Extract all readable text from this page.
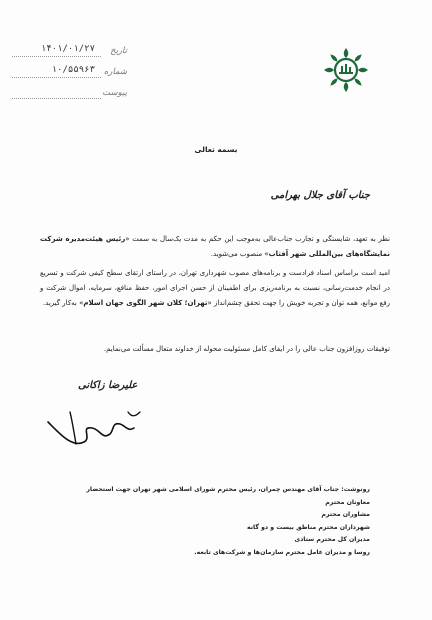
۱۴۰۱/۰۱/۲۷ تاریخ
۱۰/۵۵۹۶۳ شماره
پیوست
بسمه تعالی
جناب آقای جلال بهرامی
نظر به تعهد، شایستگی و تجارب جناب‌عالی به‌موجب این حکم به مدت یک‌سال به سمت «رئیس هیئت‌مدیره شرکت نمایشگاه‌های بین‌المللی شهر آفتاب» منصوب می‌شوید.
امید است براساس اسناد فرادست و برنامه‌های مصوب شهرداری تهران، در راستای ارتقای سطح کیفی شرکت و تسریع در انجام خدمت‌رسانی، نسبت به برنامه‌ریزی برای اطمینان از حسن اجرای امور، حفظ منافع، سرمایه، اموال شرکت و رفع موانع، همه توان و تجربه خویش را جهت تحقق چشم‌انداز «تهران؛ کلان شهر الگوی جهان اسلام» به‌کار گیرید.
توفیقات روزافزون جناب عالی را در ایفای کامل مسئولیت محوله از خداوند متعال مسألت می‌نمایم.
علیرضا زاکانی
رونوشت: جناب آقای مهندس چمران، رئیس محترم شورای اسلامی شهر تهران جهت استحضار
معاونان محترم
مشاوران محترم
شهرداران محترم مناطق بیست و دو گانه
مدیران کل محترم ستادی
روسا و مدیران عامل محترم سازمان‌ها و شرکت‌های تابعه.
